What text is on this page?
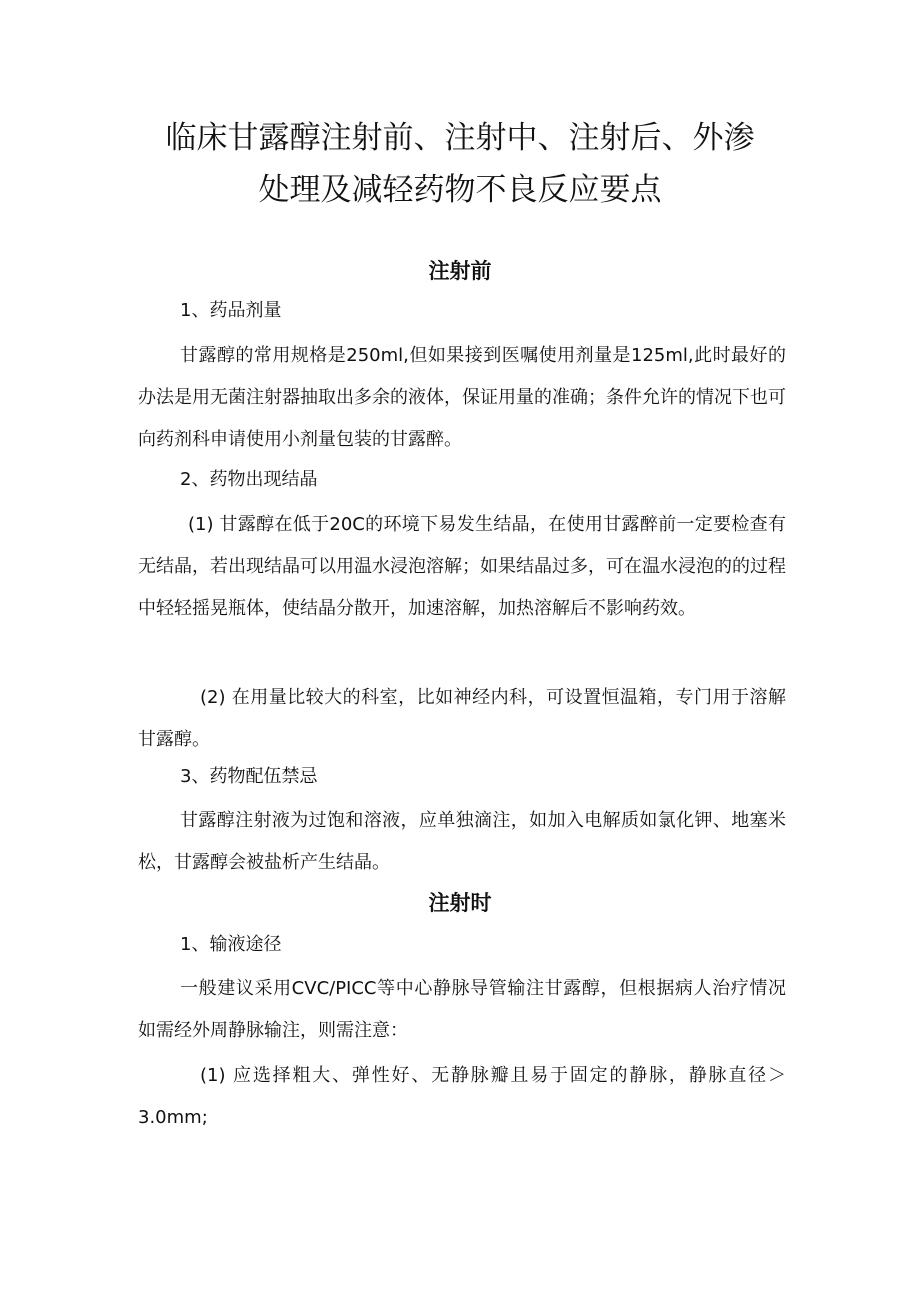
临床甘露醇注射前、注射中、注射后、外渗
处理及减轻药物不良反应要点
注射前

1、药品剂量

甘露醇的常用规格是250ml,但如果接到医嘱使用剂量是125ml,此时最好的办法是用无菌注射器抽取出多余的液体，保证用量的准确；条件允许的情况下也可向药剂科申请使用小剂量包装的甘露醉。

2、药物出现结晶

(1) 甘露醇在低于20C的环境下易发生结晶，在使用甘露醉前一定要检查有无结晶，若出现结晶可以用温水浸泡溶解；如果结晶过多，可在温水浸泡的的过程中轻轻摇晃瓶体，使结晶分散开，加速溶解，加热溶解后不影响药效。

(2) 在用量比较大的科室，比如神经内科，可设置恒温箱，专门用于溶解甘露醇。

3、药物配伍禁忌

甘露醇注射液为过饱和溶液，应单独滴注，如加入电解质如氯化钾、地塞米松，甘露醇会被盐析产生结晶。

注射时

1、输液途径

一般建议采用CVC/PICC等中心静脉导管输注甘露醇，但根据病人治疗情况如需经外周静脉输注，则需注意：

(1) 应选择粗大、弹性好、无静脉瓣且易于固定的静脉，静脉直径＞3.0mm;
